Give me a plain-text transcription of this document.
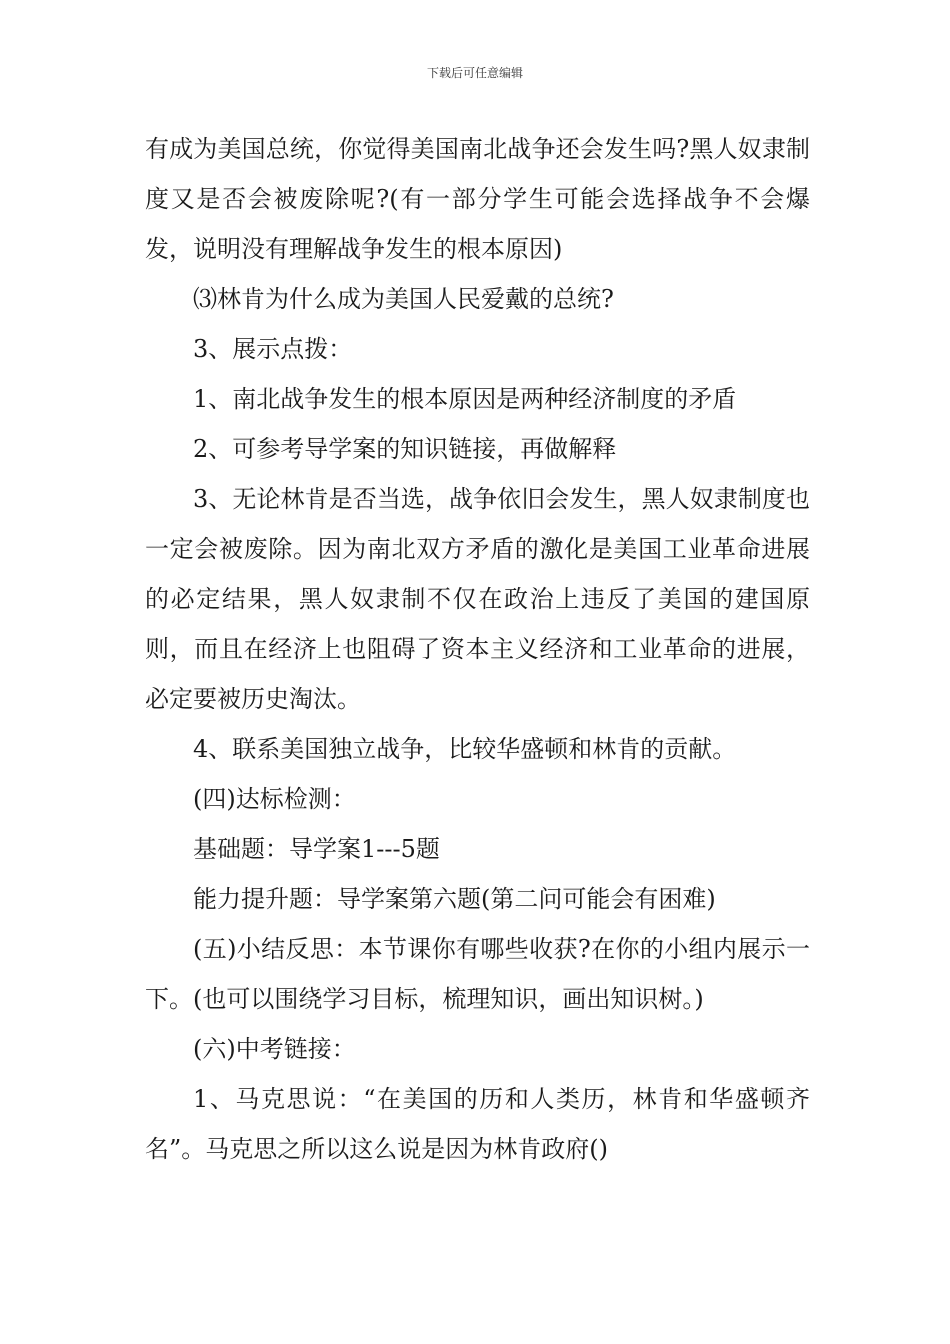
下载后可任意编辑

有成为美国总统，你觉得美国南北战争还会发生吗?黑人奴隶制度又是否会被废除呢?(有一部分学生可能会选择战争不会爆发，说明没有理解战争发生的根本原因)

⑶林肯为什么成为美国人民爱戴的总统?

3、展示点拨：

1、南北战争发生的根本原因是两种经济制度的矛盾

2、可参考导学案的知识链接，再做解释

3、无论林肯是否当选，战争依旧会发生，黑人奴隶制度也一定会被废除。因为南北双方矛盾的激化是美国工业革命进展的必定结果，黑人奴隶制不仅在政治上违反了美国的建国原则，而且在经济上也阻碍了资本主义经济和工业革命的进展，必定要被历史淘汰。

4、联系美国独立战争，比较华盛顿和林肯的贡献。

(四)达标检测：

基础题：导学案1---5题

能力提升题：导学案第六题(第二问可能会有困难)

(五)小结反思：本节课你有哪些收获?在你的小组内展示一下。(也可以围绕学习目标，梳理知识，画出知识树。)

(六)中考链接：

1、马克思说：“在美国的历和人类历，林肯和华盛顿齐名”。马克思之所以这么说是因为林肯政府()
